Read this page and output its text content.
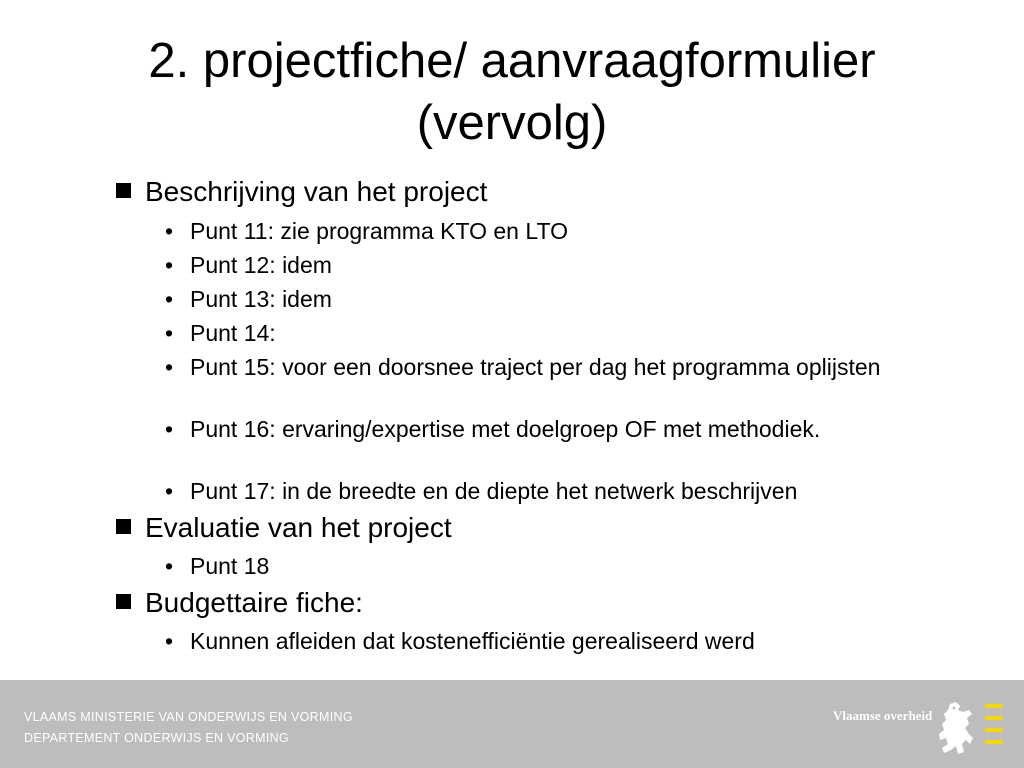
2. projectfiche/ aanvraagformulier
(vervolg)
Beschrijving van het project
• Punt 11: zie programma KTO en LTO
• Punt 12: idem
• Punt 13: idem
• Punt 14:
• Punt 15: voor een doorsnee traject per dag het programma oplijsten
• Punt 16: ervaring/expertise met doelgroep OF met methodiek.
• Punt 17: in de breedte en de diepte het netwerk beschrijven
Evaluatie van het project
• Punt 18
Budgettaire fiche:
• Kunnen afleiden dat kostenefficiëntie gerealiseerd werd
VLAAMS MINISTERIE VAN ONDERWIJS EN VORMING
DEPARTEMENT ONDERWIJS EN VORMING
Vlaamse overheid
